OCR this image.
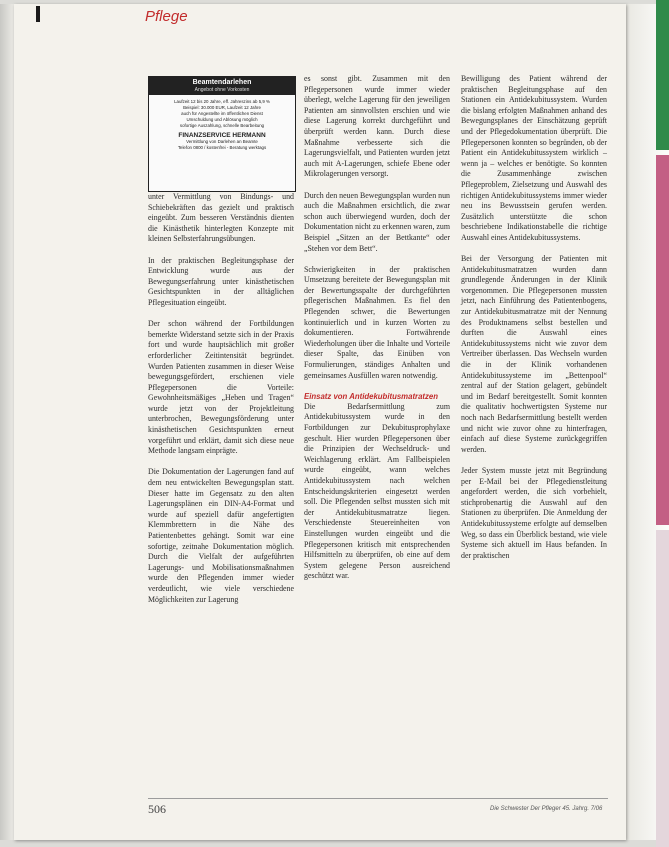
Pflege
Beamtendarlehen
Angebot ohne Vorkosten
Laufzeit 12 bis 20 Jahre, eff. Jahreszins ab 5,9 %
Beispiel: 30.000 EUR, Laufzeit 12 Jahre
auch für Angestellte im öffentlichen Dienst
Umschuldung und Ablösung möglich
sofortige Auszahlung, schnelle Bearbeitung
FINANZSERVICE HERMANN
Vermittlung von Darlehen an Beamte
Telefon 0800 / kostenfrei - Beratung werktags

unter Vermittlung von Bindungs- und Schiebekräften das gezielt und praktisch eingeübt. Zum besseren Verständnis dienten die Kinästhetik hinterlegten Konzepte mit kleinen Selbsterfahrungsübungen.

In der praktischen Begleitungsphase der Entwicklung wurde aus der Bewegungserfahrung unter kinästhetischen Gesichtspunkten in der alltäglichen Pflegesituation eingeübt.

Der schon während der Fortbildungen bemerkte Widerstand setzte sich in der Praxis fort und wurde hauptsächlich mit großer erforderlicher Zeitintensität begründet. Wurden Patienten zusammen in dieser Weise bewegungsgefördert, erschienen viele Pflegepersonen die Vorteile: Gewohnheitsmäßiges „Heben und Tragen“ wurde jetzt von der Projektleitung unterbrochen, Bewegungsförderung unter kinästhetischen Gesichtspunkten erneut vorgeführt und erklärt, damit sich diese neue Methode langsam einprägte.

Die Dokumentation der Lagerungen fand auf dem neu entwickelten Bewegungsplan statt. Dieser hatte im Gegensatz zu den alten Lagerungsplänen ein DIN-A4-Format und wurde auf speziell dafür angefertigten Klemmbrettern in die Nähe des Patientenbettes gehängt. Somit war eine sofortige, zeitnahe Dokumentation möglich. Durch die Vielfalt der aufgeführten Lagerungs- und Mobilisationsmaßnahmen wurde den Pflegenden immer wieder verdeutlicht, wie viele verschiedene Möglichkeiten zur Lagerung

es sonst gibt. Zusammen mit den Pflegepersonen wurde immer wieder überlegt, welche Lagerung für den jeweiligen Patienten am sinnvollsten erschien und wie diese Lagerung korrekt durchgeführt und überprüft werden kann. Durch diese Maßnahme verbesserte sich die Lagerungsvielfalt, und Patienten wurden jetzt auch mit A-Lagerungen, schiefe Ebene oder Mikrolagerungen versorgt.

Durch den neuen Bewegungsplan wurden nun auch die Maßnahmen ersichtlich, die zwar schon auch überwiegend wurden, doch der Dokumentation nicht zu erkennen waren, zum Beispiel „Sitzen an der Bettkante“ oder „Stehen vor dem Bett“.

Schwierigkeiten in der praktischen Umsetzung bereitete der Bewegungsplan mit der Bewertungsspalte der durchgeführten pflegerischen Maßnahmen. Es fiel den Pflegenden schwer, die Bewertungen kontinuierlich und in kurzen Worten zu dokumentieren. Fortwährende Wiederholungen über die Inhalte und Vorteile dieser Spalte, das Einüben von Formulierungen, ständiges Anhalten und gemeinsames Ausfüllen waren notwendig.

Einsatz von Antidekubitusmatratzen

Die Bedarfsermittlung zum Antidekubitussystem wurde in den Fortbildungen zur Dekubitusprophylaxe geschult. Hier wurden Pflegepersonen über die Prinzipien der Wechseldruck- und Weichlagerung erklärt. Am Fallbeispielen wurde eingeübt, wann welches Antidekubitussystem nach welchen Entscheidungskriterien eingesetzt werden soll. Die Pflegenden selbst mussten sich mit der Antidekubitusmatratze liegen. Verschiedenste Steuereinheiten von Einstellungen wurden eingeübt und die Pflegepersonen kritisch mit entsprechenden Hilfsmitteln zu überprüfen, ob eine auf dem System gelegene Person ausreichend geschützt war.

Bewilligung des Patient während der praktischen Begleitungsphase auf den Stationen ein Antidekubitussystem. Wurden die bislang erfolgten Maßnahmen anhand des Bewegungsplanes der Einschätzung geprüft und der Pflegedokumentation überprüft. Die Pflegepersonen konnten so begründen, ob der Patient ein Antidekubitussystem wirklich – wenn ja – welches er benötigte. So konnten die Zusammenhänge zwischen Pflegeproblem, Zielsetzung und Auswahl des richtigen Antidekubitussystems immer wieder neu ins Bewusstsein gerufen werden. Zusätzlich unterstützte die schon beschriebene Indikationstabelle die richtige Auswahl eines Antidekubitussystems.

Bei der Versorgung der Patienten mit Antidekubitusmatratzen wurden dann grundlegende Änderungen in der Klinik vorgenommen. Die Pflegepersonen mussten jetzt, nach Einführung des Patientenbogens, zur Antidekubitusmatratze mit der Nennung des Produktnamens selbst bestellen und durften die Auswahl eines Antidekubitussystems nicht wie zuvor dem Vertreiber überlassen. Das Wechseln wurden die in der Klinik vorhandenen Antidekubitussysteme im „Bettenpool“ zentral auf der Station gelagert, gebündelt und im Bedarf bereitgestellt. Somit konnten die qualitativ hochwertigsten Systeme nur noch nach Bedarfsermittlung bestellt werden und nicht wie zuvor ohne zu hinterfragen, einfach auf diese Systeme zurückgegriffen werden.

Jeder System musste jetzt mit Begründung per E-Mail bei der Pflegedienstleitung angefordert werden, die sich vorbehielt, stichprobenartig die Auswahl auf den Stationen zu überprüfen. Die Anmeldung der Antidekubitussysteme erfolgte auf demselben Weg, so dass ein Überblick bestand, wie viele Systeme sich aktuell im Haus befanden. In der praktischen

506	Die Schwester Der Pfleger 45. Jahrg. 7/06
